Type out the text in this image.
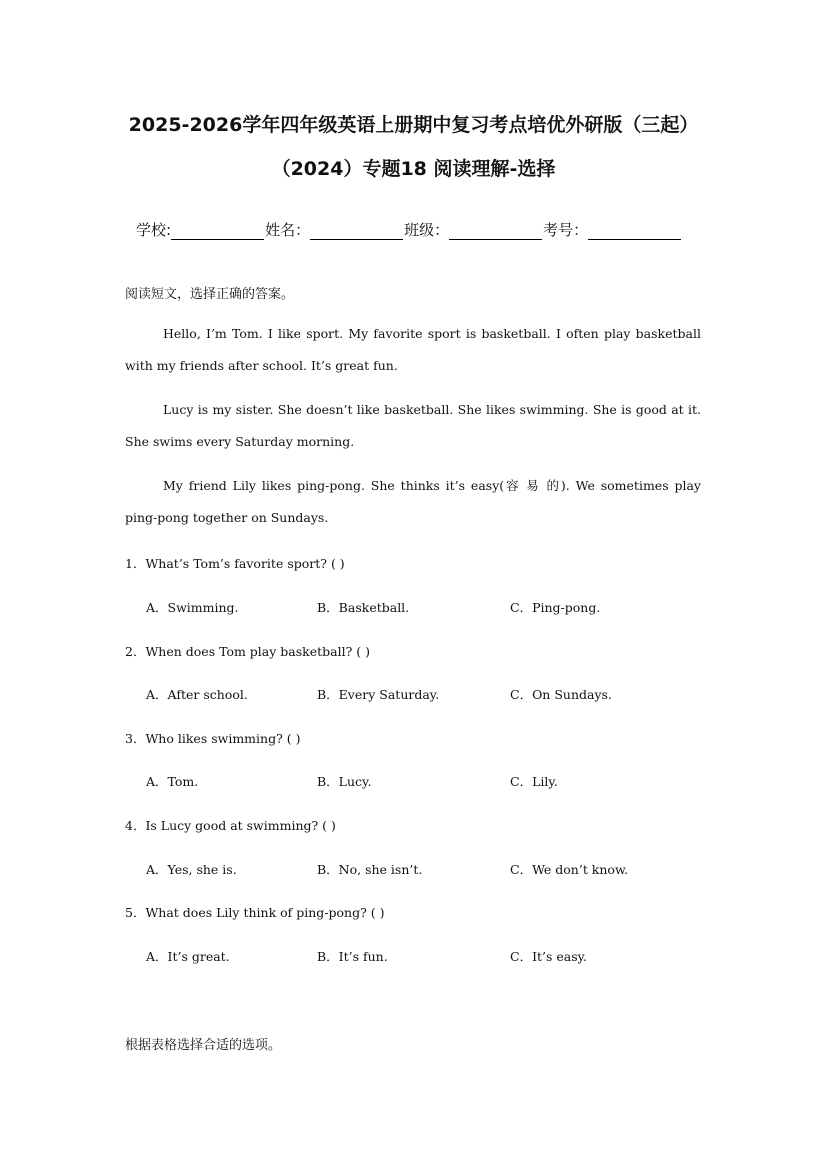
2025-2026学年四年级英语上册期中复习考点培优外研版（三起）
（2024）专题18 阅读理解-选择
学校:	姓名：	班级：	考号：
阅读短文，选择正确的答案。
Hello, I’m Tom. I like sport. My favorite sport is basketball. I often play basketball with my friends after school. It’s great fun.
Lucy is my sister. She doesn’t like basketball. She likes swimming. She is good at it. She swims every Saturday morning.
My friend Lily likes ping-pong. She thinks it’s easy(容 易 的). We sometimes play ping-pong together on Sundays.
1．What’s Tom’s favorite sport? ( )
A．Swimming.	B．Basketball.	C．Ping-pong.
2．When does Tom play basketball? ( )
A．After school.	B．Every Saturday.	C．On Sundays.
3．Who likes swimming? ( )
A．Tom.	B．Lucy.	C．Lily.
4．Is Lucy good at swimming? ( )
A．Yes, she is.	B．No, she isn’t.	C．We don’t know.
5．What does Lily think of ping-pong? ( )
A．It’s great.	B．It’s fun.	C．It’s easy.
根据表格选择合适的选项。
